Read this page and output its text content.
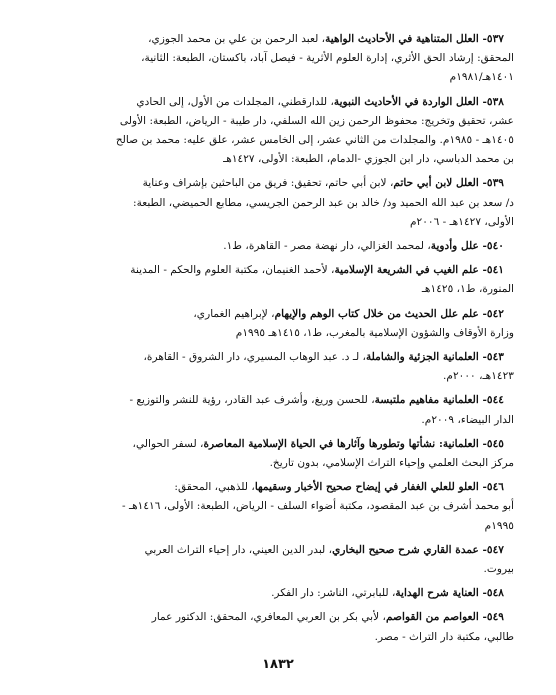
٥٣٧- العلل المتناهية في الأحاديث الواهية، لعبد الرحمن بن علي بن محمد الجوزي،
المحقق: إرشاد الحق الأثري، إدارة العلوم الأثرية - فيصل آباد، باكستان، الطبعة: الثانية،
١٤٠١هـ/١٩٨١م
٥٣٨- العلل الواردة في الأحاديث النبوية، للدارقطني، المجلدات من الأول، إلى الحادي
عشر، تحقيق وتخريج: محفوظ الرحمن زين الله السلفي، دار طيبة - الرياض، الطبعة: الأولى
١٤٠٥هـ - ١٩٨٥م. والمجلدات من الثاني عشر، إلى الخامس عشر، علق عليه: محمد بن صالح
بن محمد الدباسي، دار ابن الجوزي -الدمام، الطبعة: الأولى، ١٤٢٧هـ
٥٣٩- العلل لابن أبي حاتم، لابن أبي حاتم، تحقيق: فريق من الباحثين بإشراف وعناية
د/ سعد بن عبد الله الحميد ود/ خالد بن عبد الرحمن الجريسي، مطابع الحميضي، الطبعة:
الأولى، ١٤٢٧هـ - ٢٠٠٦م
٥٤٠- علل وأدوية، لمحمد الغزالي، دار نهضة مصر - القاهرة، ط١.
٥٤١- علم الغيب في الشريعة الإسلامية، لأحمد الغنيمان، مكتبة العلوم والحكم - المدينة
المنورة، ط١، ١٤٢٥هـ
٥٤٢- علم علل الحديث من خلال كتاب الوهم والإيهام، لإبراهيم الغماري،
وزارة الأوقاف والشؤون الإسلامية بالمغرب، ط١، ١٤١٥هـ ١٩٩٥م
٥٤٣- العلمانية الجزئية والشاملة، لـ د. عبد الوهاب المسيري، دار الشروق - القاهرة،
١٤٢٣هـ، ٢٠٠٠م.
٥٤٤- العلمانية مفاهيم ملتبسة، للحسن وريغ، وأشرف عبد القادر، رؤية للنشر والتوزيع -
الدار البيضاء، ٢٠٠٩م.
٥٤٥- العلمانية: نشأتها وتطورها وآثارها في الحياة الإسلامية المعاصرة، لسفر الحوالي،
مركز البحث العلمي وإحياء التراث الإسلامي، بدون تاريخ.
٥٤٦- العلو للعلي الغفار في إيضاح صحيح الأخبار وسقيمها، للذهبي، المحقق:
أبو محمد أشرف بن عبد المقصود، مكتبة أضواء السلف - الرياض، الطبعة: الأولى، ١٤١٦هـ -
١٩٩٥م
٥٤٧- عمدة القاري شرح صحيح البخاري، لبدر الدين العيني، دار إحياء التراث العربي
بيروت.
٥٤٨- العناية شرح الهداية، للبابرتي، الناشر: دار الفكر.
٥٤٩- العواصم من القواصم، لأبي بكر بن العربي المعافري، المحقق: الدكتور عمار
طالبي، مكتبة دار التراث - مصر.
١٨٣٢
